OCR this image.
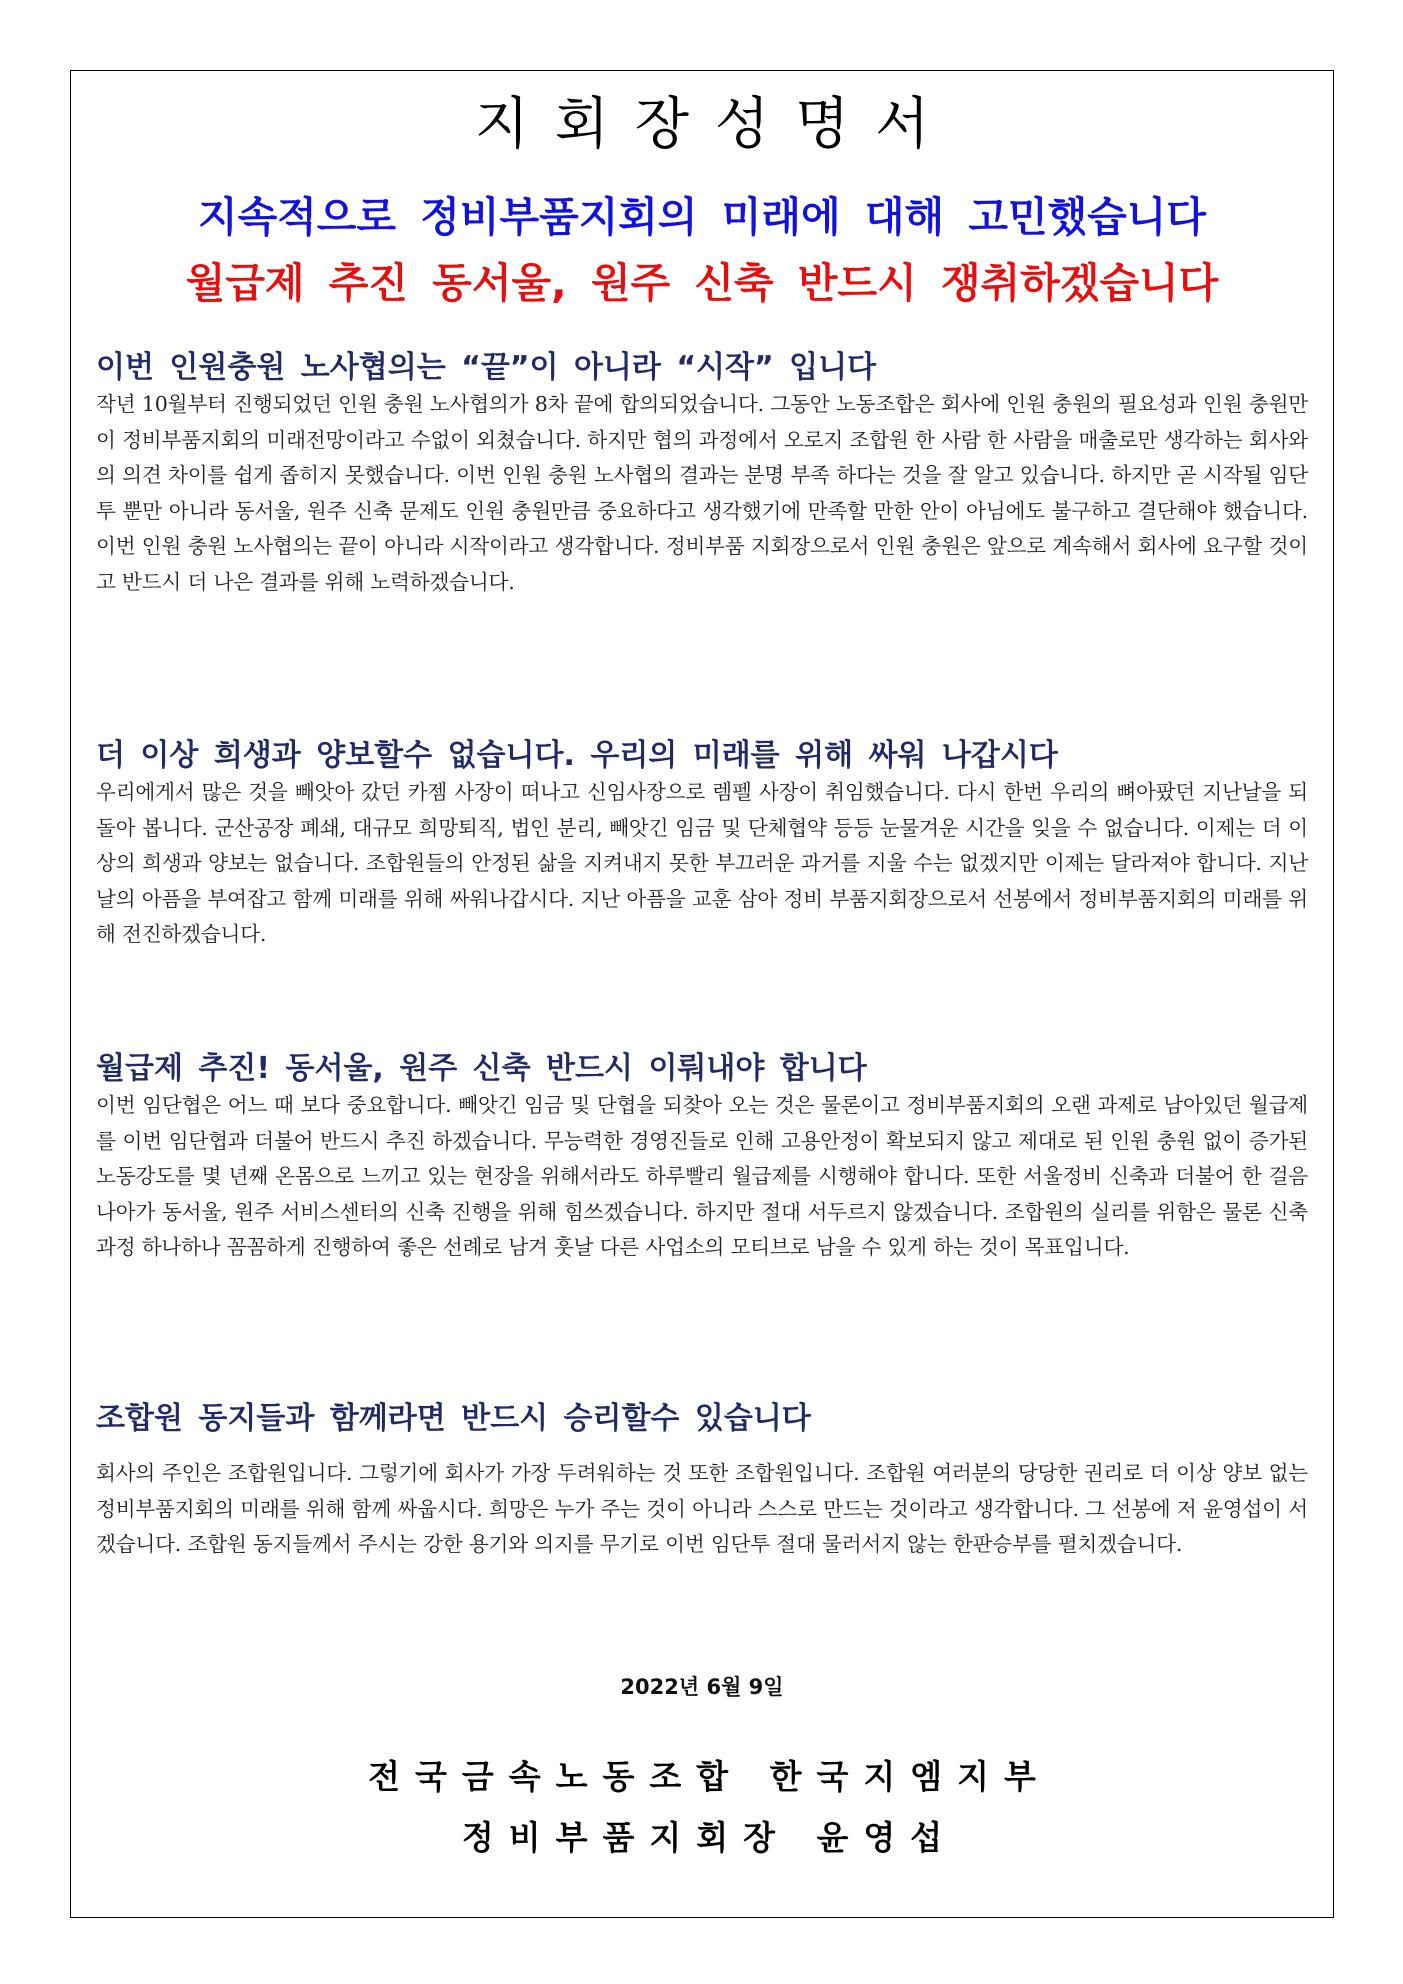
지회장성명서
지속적으로 정비부품지회의 미래에 대해 고민했습니다
월급제 추진 동서울, 원주 신축 반드시 쟁취하겠습니다
이번 인원충원 노사협의는 “끝”이 아니라 “시작” 입니다

작년 10월부터 진행되었던 인원 충원 노사협의가 8차 끝에 합의되었습니다. 그동안 노동조합은 회사에 인원 충원의 필요성과 인원 충원만이 정비부품지회의 미래전망이라고 수없이 외쳤습니다. 하지만 협의 과정에서 오로지 조합원 한 사람 한 사람을 매출로만 생각하는 회사와의 의견 차이를 쉽게 좁히지 못했습니다. 이번 인원 충원 노사협의 결과는 분명 부족 하다는 것을 잘 알고 있습니다. 하지만 곧 시작될 임단투 뿐만 아니라 동서울, 원주 신축 문제도 인원 충원만큼 중요하다고 생각했기에 만족할 만한 안이 아님에도 불구하고 결단해야 했습니다. 이번 인원 충원 노사협의는 끝이 아니라 시작이라고 생각합니다. 정비부품 지회장으로서 인원 충원은 앞으로 계속해서 회사에 요구할 것이고 반드시 더 나은 결과를 위해 노력하겠습니다.

더 이상 희생과 양보할수 없습니다. 우리의 미래를 위해 싸워 나갑시다

우리에게서 많은 것을 빼앗아 갔던 카젬 사장이 떠나고 신임사장으로 렘펠 사장이 취임했습니다. 다시 한번 우리의 뼈아팠던 지난날을 되돌아 봅니다. 군산공장 폐쇄, 대규모 희망퇴직, 법인 분리, 빼앗긴 임금 및 단체협약 등등 눈물겨운 시간을 잊을 수 없습니다. 이제는 더 이상의 희생과 양보는 없습니다. 조합원들의 안정된 삶을 지켜내지 못한 부끄러운 과거를 지울 수는 없겠지만 이제는 달라져야 합니다. 지난 날의 아픔을 부여잡고 함께 미래를 위해 싸워나갑시다. 지난 아픔을 교훈 삼아 정비 부품지회장으로서 선봉에서 정비부품지회의 미래를 위해 전진하겠습니다.

월급제 추진! 동서울, 원주 신축 반드시 이뤄내야 합니다

이번 임단협은 어느 때 보다 중요합니다. 빼앗긴 임금 및 단협을 되찾아 오는 것은 물론이고 정비부품지회의 오랜 과제로 남아있던 월급제를 이번 임단협과 더불어 반드시 추진 하겠습니다. 무능력한 경영진들로 인해 고용안정이 확보되지 않고 제대로 된 인원 충원 없이 증가된 노동강도를 몇 년째 온몸으로 느끼고 있는 현장을 위해서라도 하루빨리 월급제를 시행해야 합니다. 또한 서울정비 신축과 더불어 한 걸음 나아가 동서울, 원주 서비스센터의 신축 진행을 위해 힘쓰겠습니다. 하지만 절대 서두르지 않겠습니다. 조합원의 실리를 위함은 물론 신축 과정 하나하나 꼼꼼하게 진행하여 좋은 선례로 남겨 훗날 다른 사업소의 모티브로 남을 수 있게 하는 것이 목표입니다.

조합원 동지들과 함께라면 반드시 승리할수 있습니다

회사의 주인은 조합원입니다. 그렇기에 회사가 가장 두려워하는 것 또한 조합원입니다. 조합원 여러분의 당당한 권리로 더 이상 양보 없는 정비부품지회의 미래를 위해 함께 싸웁시다. 희망은 누가 주는 것이 아니라 스스로 만드는 것이라고 생각합니다. 그 선봉에 저 윤영섭이 서겠습니다. 조합원 동지들께서 주시는 강한 용기와 의지를 무기로 이번 임단투 절대 물러서지 않는 한판승부를 펼치겠습니다.

2022년 6월 9일
전국금속노동조합 한국지엠지부
정비부품지회장 윤영섭
